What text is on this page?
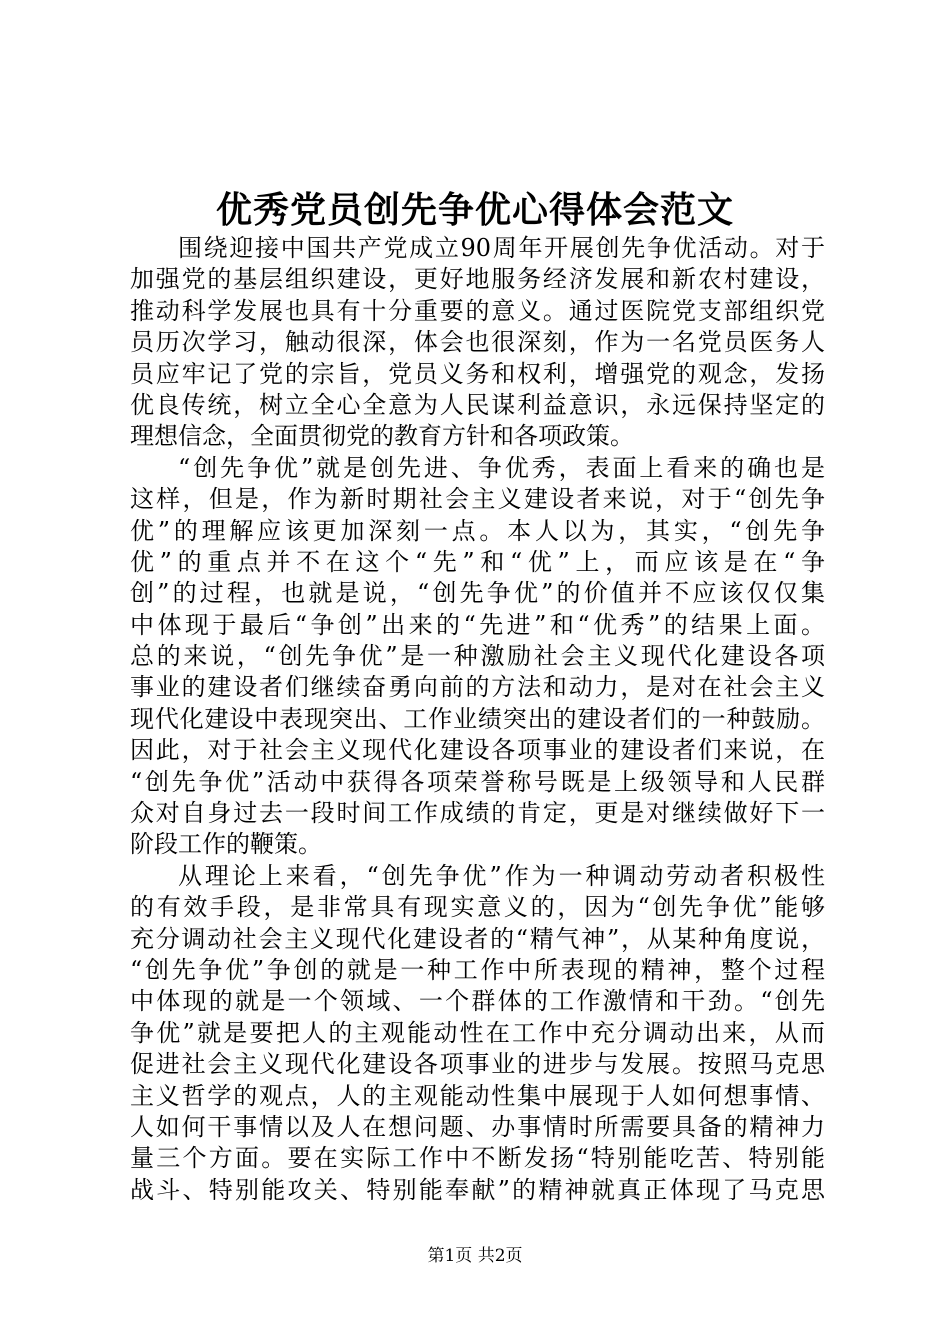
优秀党员创先争优心得体会范文
围绕迎接中国共产党成立90周年开展创先争优活动。对于
加强党的基层组织建设，更好地服务经济发展和新农村建设，
推动科学发展也具有十分重要的意义。通过医院党支部组织党
员历次学习，触动很深，体会也很深刻，作为一名党员医务人
员应牢记了党的宗旨，党员义务和权利，增强党的观念，发扬
优良传统，树立全心全意为人民谋利益意识，永远保持坚定的
理想信念，全面贯彻党的教育方针和各项政策。
“创先争优”就是创先进、争优秀，表面上看来的确也是
这样，但是，作为新时期社会主义建设者来说，对于“创先争
优”的理解应该更加深刻一点。本人以为，其实，“创先争
优”的重点并不在这个“先”和“优”上，而应该是在“争
创”的过程，也就是说，“创先争优”的价值并不应该仅仅集
中体现于最后“争创”出来的“先进”和“优秀”的结果上面。
总的来说，“创先争优”是一种激励社会主义现代化建设各项
事业的建设者们继续奋勇向前的方法和动力，是对在社会主义
现代化建设中表现突出、工作业绩突出的建设者们的一种鼓励。
因此，对于社会主义现代化建设各项事业的建设者们来说，在
“创先争优”活动中获得各项荣誉称号既是上级领导和人民群
众对自身过去一段时间工作成绩的肯定，更是对继续做好下一
阶段工作的鞭策。
从理论上来看，“创先争优”作为一种调动劳动者积极性
的有效手段，是非常具有现实意义的，因为“创先争优”能够
充分调动社会主义现代化建设者的“精气神”，从某种角度说，
“创先争优”争创的就是一种工作中所表现的精神，整个过程
中体现的就是一个领域、一个群体的工作激情和干劲。“创先
争优”就是要把人的主观能动性在工作中充分调动出来，从而
促进社会主义现代化建设各项事业的进步与发展。按照马克思
主义哲学的观点，人的主观能动性集中展现于人如何想事情、
人如何干事情以及人在想问题、办事情时所需要具备的精神力
量三个方面。要在实际工作中不断发扬“特别能吃苦、特别能
战斗、特别能攻关、特别能奉献”的精神就真正体现了马克思
第1页 共2页
